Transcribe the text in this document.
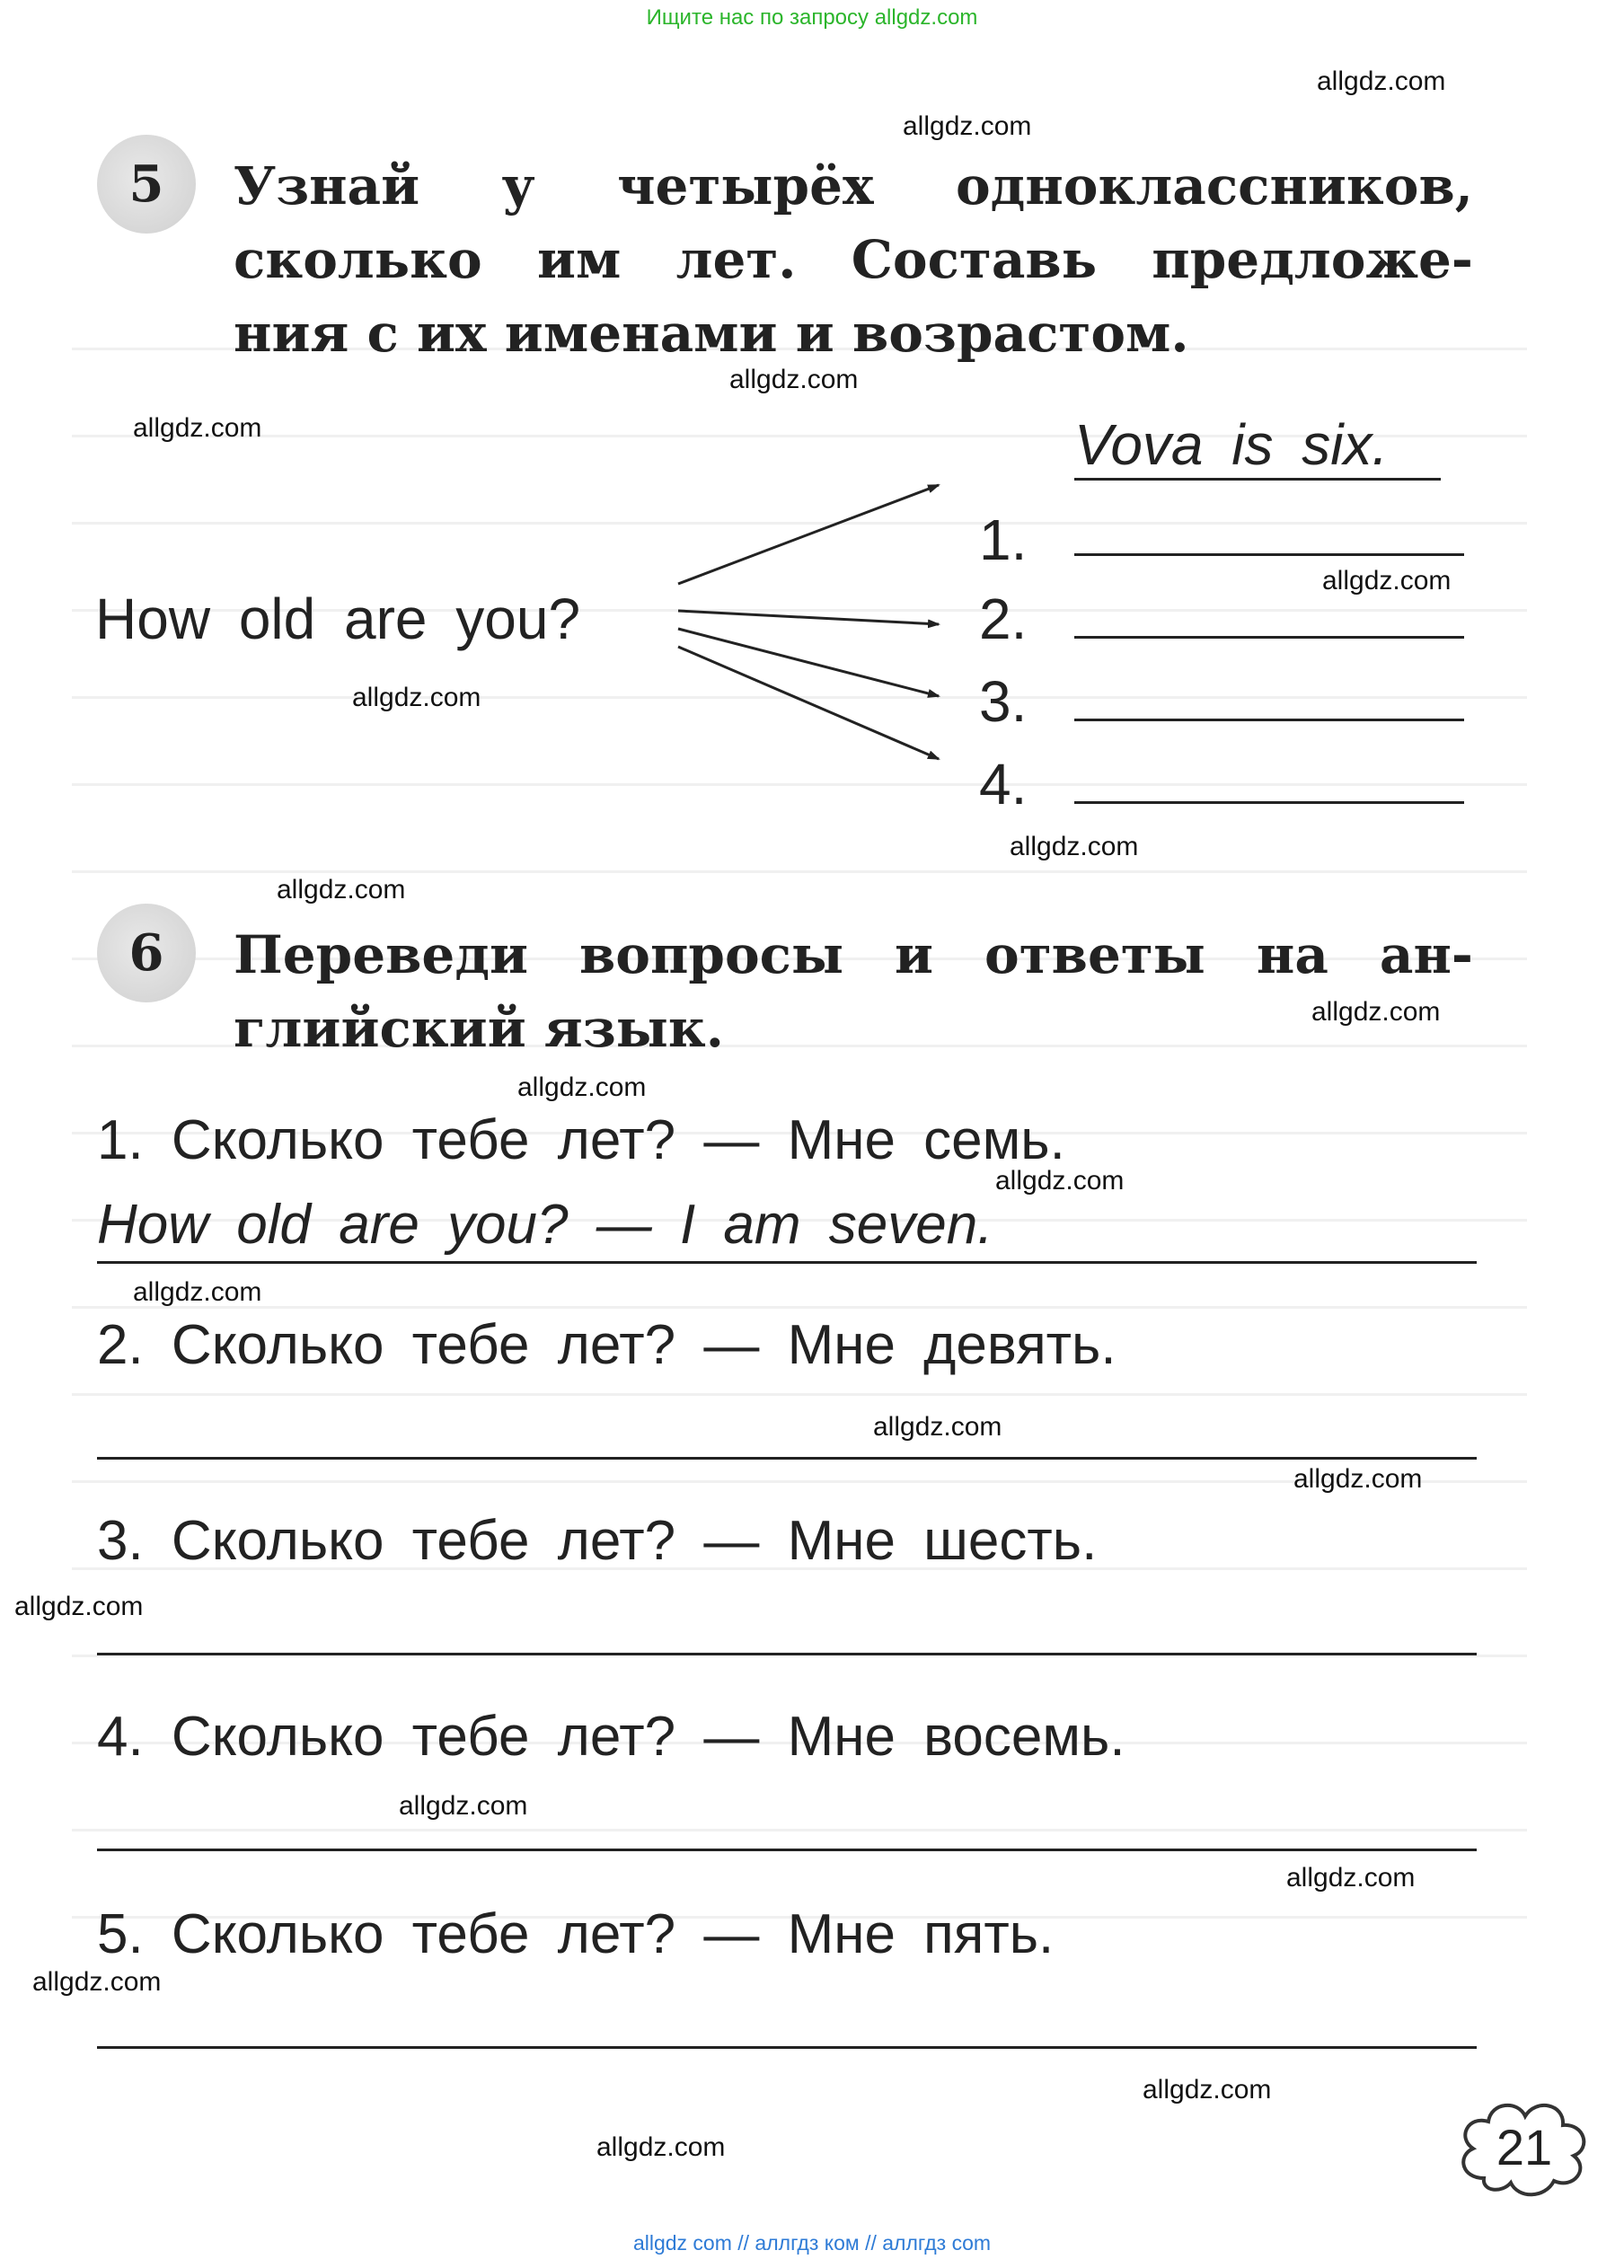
Ищите нас по запросу allgdz.com
5 Узнай у четырёх одноклассников,
сколько им лет. Составь предложе-
ния с их именами и возрастом.
Vova is six.
How old are you?
1.
2.
3.
4.
6 Переведи вопросы и ответы на ан-
глийский язык.
1. Сколько тебе лет? — Мне семь.
How old are you? — I am seven.
2. Сколько тебе лет? — Мне девять.
3. Сколько тебе лет? — Мне шесть.
4. Сколько тебе лет? — Мне восемь.
5. Сколько тебе лет? — Мне пять.
21
allgdz.com
allgdz.com
allgdz.com
allgdz.com
allgdz.com
allgdz.com
allgdz.com
allgdz.com
allgdz.com
allgdz.com
allgdz.com
allgdz.com
allgdz.com
allgdz.com
allgdz.com
allgdz.com
allgdz.com
allgdz.com
allgdz.com
allgdz.com
allgdz com // аллгдз ком // аллгдз com
